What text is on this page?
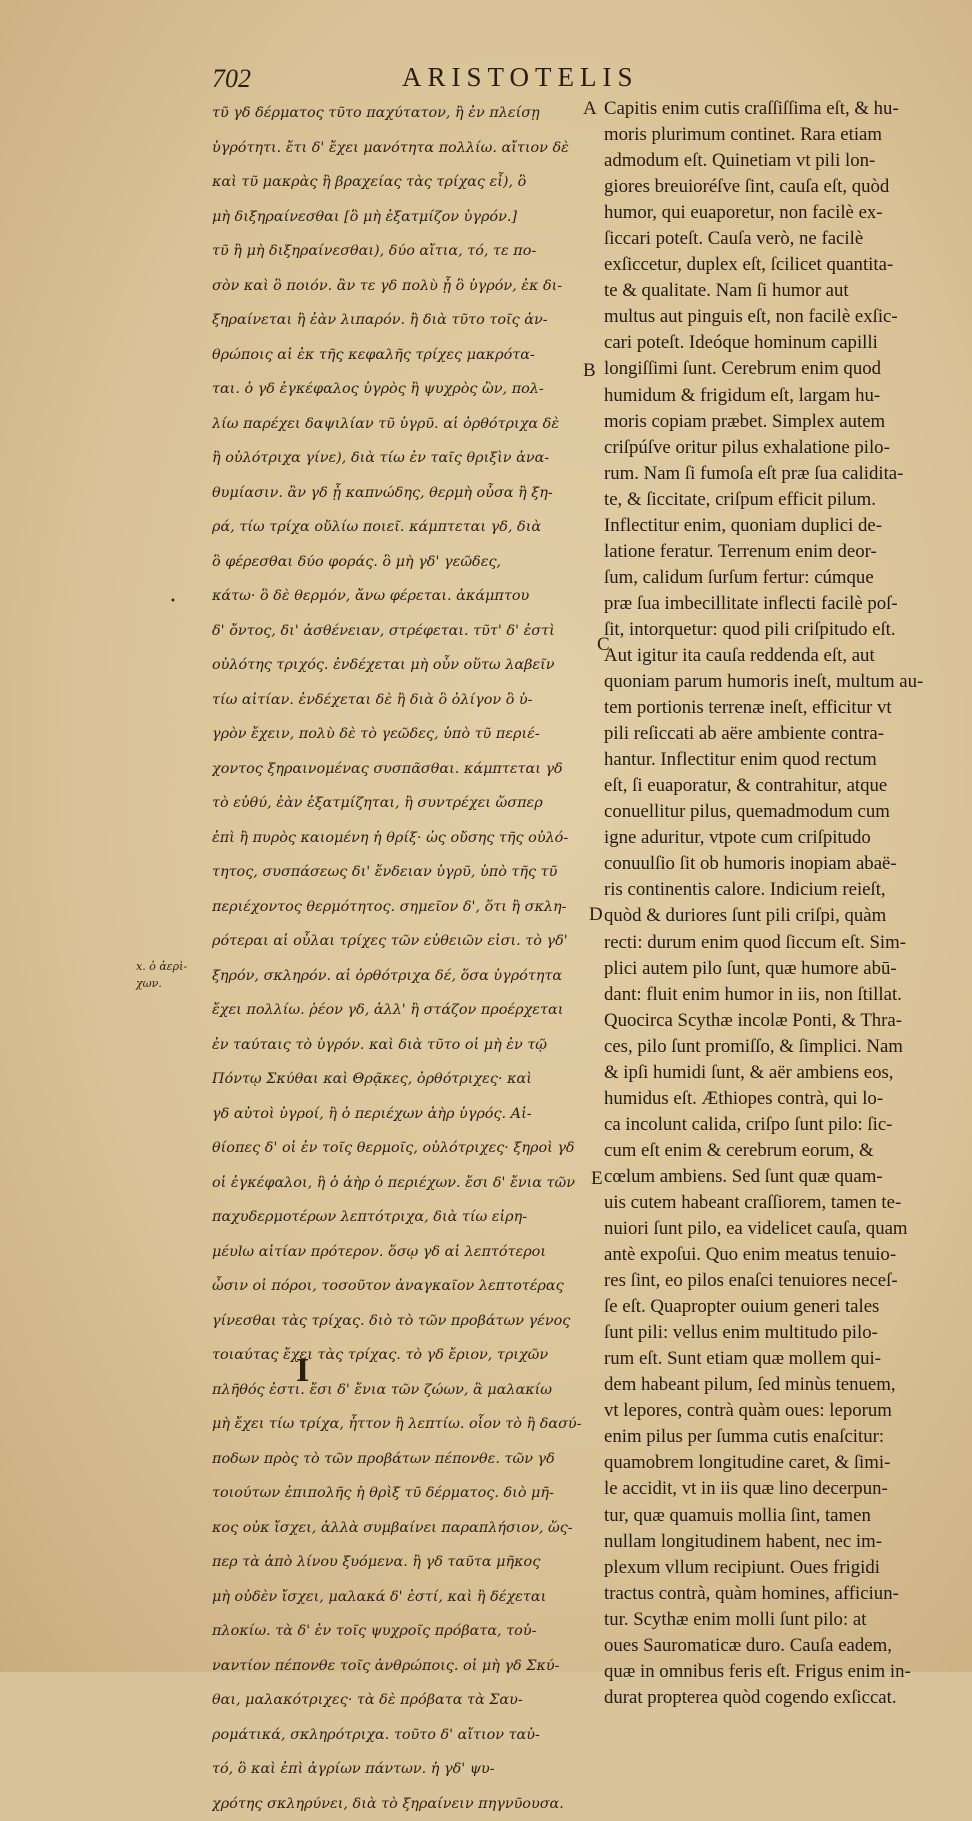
702	ARISTOTELIS
τῦ γδ δέρματος τῦτο παχύτατον, ἢ ἐν πλείσῃ
ὑγρότητι. ἔτι δ' ἔχει μανότητα πολλίω. αἴτιον δὲ
καὶ τῦ μακρὰς ἢ βραχείας τὰς τρίχας εἶ), ὃ
μὴ διξηραίνεσθαι [ὃ μὴ ἐξατμίζον ὑγρόν.]
τῦ ἢ μὴ διξηραίνεσθαι), δύο αἴτια, τό, τε πο-
σὸν καὶ ὃ ποιόν. ἂν τε γδ πολὺ ᾖ ὃ ὑγρόν, ἐκ δι-
ξηραίνεται ἢ ἐὰν λιπαρόν. ἢ διὰ τῦτο τοῖς ἀν-
θρώποις αἱ ἐκ τῆς κεφαλῆς τρίχες μακρότα-
ται. ὁ γδ ἐγκέφαλος ὑγρὸς ἢ ψυχρὸς ὢν, πολ-
λίω παρέχει δαψιλίαν τῦ ὑγρῦ. αἱ ὀρθότριχα δὲ
ἢ οὐλότριχα γίνε), διὰ τίω ἐν ταῖς θριξὶν ἀνα-
θυμίασιν. ἂν γδ ᾖ καπνώδης, θερμὴ οὖσα ἢ ξη-
ρά, τίω τρίχα οὔλίω ποιεῖ. κάμπτεται γδ, διὰ
ὃ φέρεσθαι δύο φοράς. ὃ μὴ γδ' γεῶδες,
κάτω· ὃ δὲ θερμόν, ἄνω φέρεται. ἀκάμπτου
δ' ὄντος, δι' ἀσθένειαν, στρέφεται. τῦτ' δ' ἐστὶ
οὐλότης τριχός. ἐνδέχεται μὴ οὖν οὕτω λαβεῖν
τίω αἰτίαν. ἐνδέχεται δὲ ἢ διὰ ὃ ὀλίγον ὃ ὑ-
γρὸν ἔχειν, πολὺ δὲ τὸ γεῶδες, ὑπὸ τῦ περιέ-
χοντος ξηραινομένας συσπᾶσθαι. κάμπτεται γδ
τὸ εὐθύ, ἐὰν ἐξατμίζηται, ἢ συντρέχει ὥσπερ
ἐπὶ ἢ πυρὸς καιομένη ἡ θρίξ· ὡς οὔσης τῆς οὐλό-
τητος, συσπάσεως δι' ἔνδειαν ὑγρῦ, ὑπὸ τῆς τῦ
περιέχοντος θερμότητος. σημεῖον δ', ὅτι ἢ σκλη-
ρότεραι αἱ οὖλαι τρίχες τῶν εὐθειῶν εἰσι. τὸ γδ'
ξηρόν, σκληρόν. αἱ ὀρθότριχα δέ, ὅσα ὑγρότητα
ἔχει πολλίω. ῥέον γδ, ἀλλ' ἢ στάζον προέρχεται
ἐν ταύταις τὸ ὑγρόν. καὶ διὰ τῦτο οἱ μὴ ἐν τῷ
Πόντῳ Σκύθαι καὶ Θρᾷκες, ὀρθότριχες· καὶ
γδ αὐτοὶ ὑγροί, ἢ ὁ περιέχων ἀὴρ ὑγρός. Αἰ-
θίοπες δ' οἱ ἐν τοῖς θερμοῖς, οὐλότριχες· ξηροὶ γδ
οἱ ἐγκέφαλοι, ἢ ὁ ἀὴρ ὁ περιέχων. ἔσι δ' ἔνια τῶν
παχυδερμοτέρων λεπτότριχα, διὰ τίω εἰρη-
μέυlω αἰτίαν πρότερον. ὅσῳ γδ αἱ λεπτότεροι
ὦσιν οἱ πόροι, τοσοῦτον ἀναγκαῖον λεπτοτέρας
γίνεσθαι τὰς τρίχας. διὸ τὸ τῶν προβάτων γένος
τοιαύτας ἔχει τὰς τρίχας. τὸ γδ ἔριον, τριχῶν
πλῆθός ἐστι. ἔσι δ' ἔνια τῶν ζώων, ἃ μαλακίω
μὴ ἔχει τίω τρίχα, ἧττον ἢ λεπτίω. οἷον τὸ ἢ δασύ-
ποδων πρὸς τὸ τῶν προβάτων πέπονθε. τῶν γδ
τοιούτων ἐπιπολῆς ἡ θρὶξ τῦ δέρματος. διὸ μῆ-
κος οὐκ ἴσχει, ἀλλὰ συμβαίνει παραπλήσιον, ὥς-
περ τὰ ἀπὸ λίνου ξυόμενα. ἢ γδ ταῦτα μῆκος
μὴ οὐδὲν ἴσχει, μαλακά δ' ἐστί, καὶ ἢ δέχεται
πλοκίω. τὰ δ' ἐν τοῖς ψυχροῖς πρόβατα, τοὐ-
ναντίον πέπονθε τοῖς ἀνθρώποις. οἱ μὴ γδ Σκύ-
θαι, μαλακότριχες· τὰ δὲ πρόβατα τὰ Σαυ-
ρομάτικά, σκληρότριχα. τοῦτο δ' αἴτιον ταὐ-
τό, ὃ καὶ ἐπὶ ἀγρίων πάντων. ἡ γδ' ψυ-
χρότης σκληρύνει, διὰ τὸ ξηραίνειν πηγνῦουσα.
Capitis enim cutis craſſiſſima eſt, & hu-
moris plurimum continet. Rara etiam
admodum eſt. Quinetiam vt pili lon-
giores breuioréſve ſint, cauſa eſt, quòd
humor, qui euaporetur, non facilè ex-
ſiccari poteſt. Cauſa verò, ne facilè
exſiccetur, duplex eſt, ſcilicet quantita-
te & qualitate. Nam ſi humor aut
multus aut pinguis eſt, non facilè exſic-
cari poteſt. Ideóque hominum capilli
longiſſimi ſunt. Cerebrum enim quod
humidum & frigidum eſt, largam hu-
moris copiam præbet. Simplex autem
criſpúſve oritur pilus exhalatione pilo-
rum. Nam ſi fumoſa eſt præ ſua calidita-
te, & ſiccitate, criſpum efficit pilum.
Inflectitur enim, quoniam duplici de-
latione feratur. Terrenum enim deor-
ſum, calidum ſurſum fertur: cúmque
præ ſua imbecillitate inflecti facilè poſ-
ſit, intorquetur: quod pili criſpitudo eſt.
Aut igitur ita cauſa reddenda eſt, aut
quoniam parum humoris ineſt, multum au-
tem portionis terrenæ ineſt, efficitur vt
pili reſiccati ab aëre ambiente contra-
hantur. Inflectitur enim quod rectum
eſt, ſi euaporatur, & contrahitur, atque
conuellitur pilus, quemadmodum cum
igne aduritur, vtpote cum criſpitudo
conuulſio ſit ob humoris inopiam abaë-
ris continentis calore. Indicium reieſt,
quòd & duriores ſunt pili criſpi, quàm
recti: durum enim quod ſiccum eſt. Sim-
plici autem pilo ſunt, quæ humore abū-
dant: fluit enim humor in iis, non ſtillat.
Quocirca Scythæ incolæ Ponti, & Thra-
ces, pilo ſunt promiſſo, & ſimplici. Nam
& ipſi humidi ſunt, & aër ambiens eos,
humidus eſt. Æthiopes contrà, qui lo-
ca incolunt calida, criſpo ſunt pilo: ſic-
cum eſt enim & cerebrum eorum, &
cœlum ambiens. Sed ſunt quæ quam-
uis cutem habeant craſſiorem, tamen te-
nuiori ſunt pilo, ea videlicet cauſa, quam
antè expoſui. Quo enim meatus tenuio-
res ſint, eo pilos enaſci tenuiores neceſ-
ſe eſt. Quapropter ouium generi tales
ſunt pili: vellus enim multitudo pilo-
rum eſt. Sunt etiam quæ mollem qui-
dem habeant pilum, ſed minùs tenuem,
vt lepores, contrà quàm oues: leporum
enim pilus per ſumma cutis enaſcitur:
quamobrem longitudine caret, & ſimi-
le accidit, vt in iis quæ lino decerpun-
tur, quæ quamuis mollia ſint, tamen
nullam longitudinem habent, nec im-
plexum vllum recipiunt. Oues frigidi
tractus contrà, quàm homines, afficiun-
tur. Scythæ enim molli ſunt pilo: at
oues Sauromaticæ duro. Cauſa eadem,
quæ in omnibus feris eſt. Frigus enim in-
durat propterea quòd cogendo exſiccat.
A
B
C
D
E
•
x. ὁ ἀερὶ- χων.
I
